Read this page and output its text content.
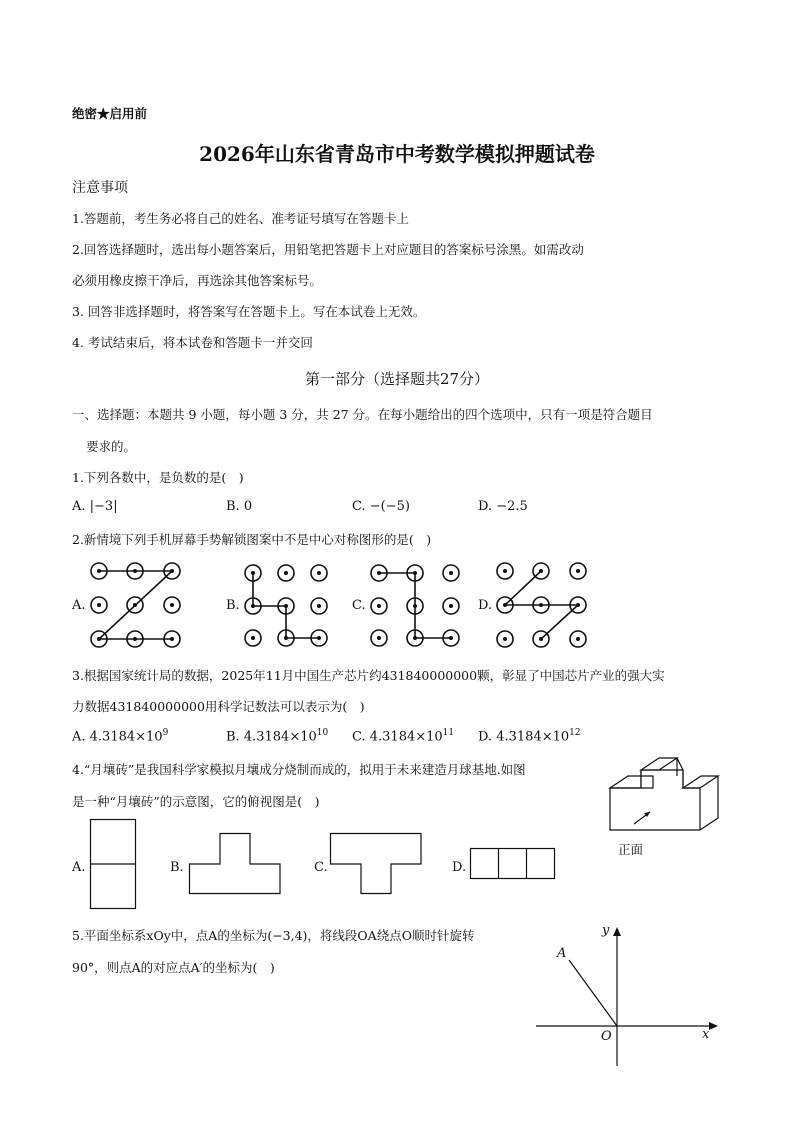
绝密★启用前
2026年山东省青岛市中考数学模拟押题试卷
注意事项
1.答题前，考生务必将自己的姓名、准考证号填写在答题卡上
2.回答选择题时，选出每小题答案后，用铅笔把答题卡上对应题目的答案标号涂黑。如需改动
必须用橡皮擦干净后，再选涂其他答案标号。
3. 回答非选择题时，将答案写在答题卡上。写在本试卷上无效。
4. 考试结束后，将本试卷和答题卡一并交回
第一部分（选择题共27分）
一、选择题：本题共 9 小题，每小题 3 分，共 27 分。在每小题给出的四个选项中，只有一项是符合题目
要求的。
1.下列各数中，是负数的是(　)
A. |−3|	B. 0	C. −(−5)	D. −2.5
2.新情境下列手机屏幕手势解锁图案中不是中心对称图形的是(　)
A.	B.	C.	D.
3.根据国家统计局的数据，2025年11月中国生产芯片约431840000000颗，彰显了中国芯片产业的强大实
力数据431840000000用科学记数法可以表示为(　)
A. $4.3184\times 10^9$	B. $4.3184\times 10^{10}$ C. $4.3184\times 10^{11}$ D. $4.3184\times 10^{12}$
4.“月壤砖”是我国科学家模拟月壤成分烧制而成的，拟用于未来建造月球基地.如图
是一种“月壤砖”的示意图，它的俯视图是(　)
正面
A.	B.	C.	D.
5.平面坐标系xOy中，点A的坐标为(−3,4)，将线段OA绕点O顺时针旋转
90°，则点A的对应点A′的坐标为(　)
x
y
O
A
